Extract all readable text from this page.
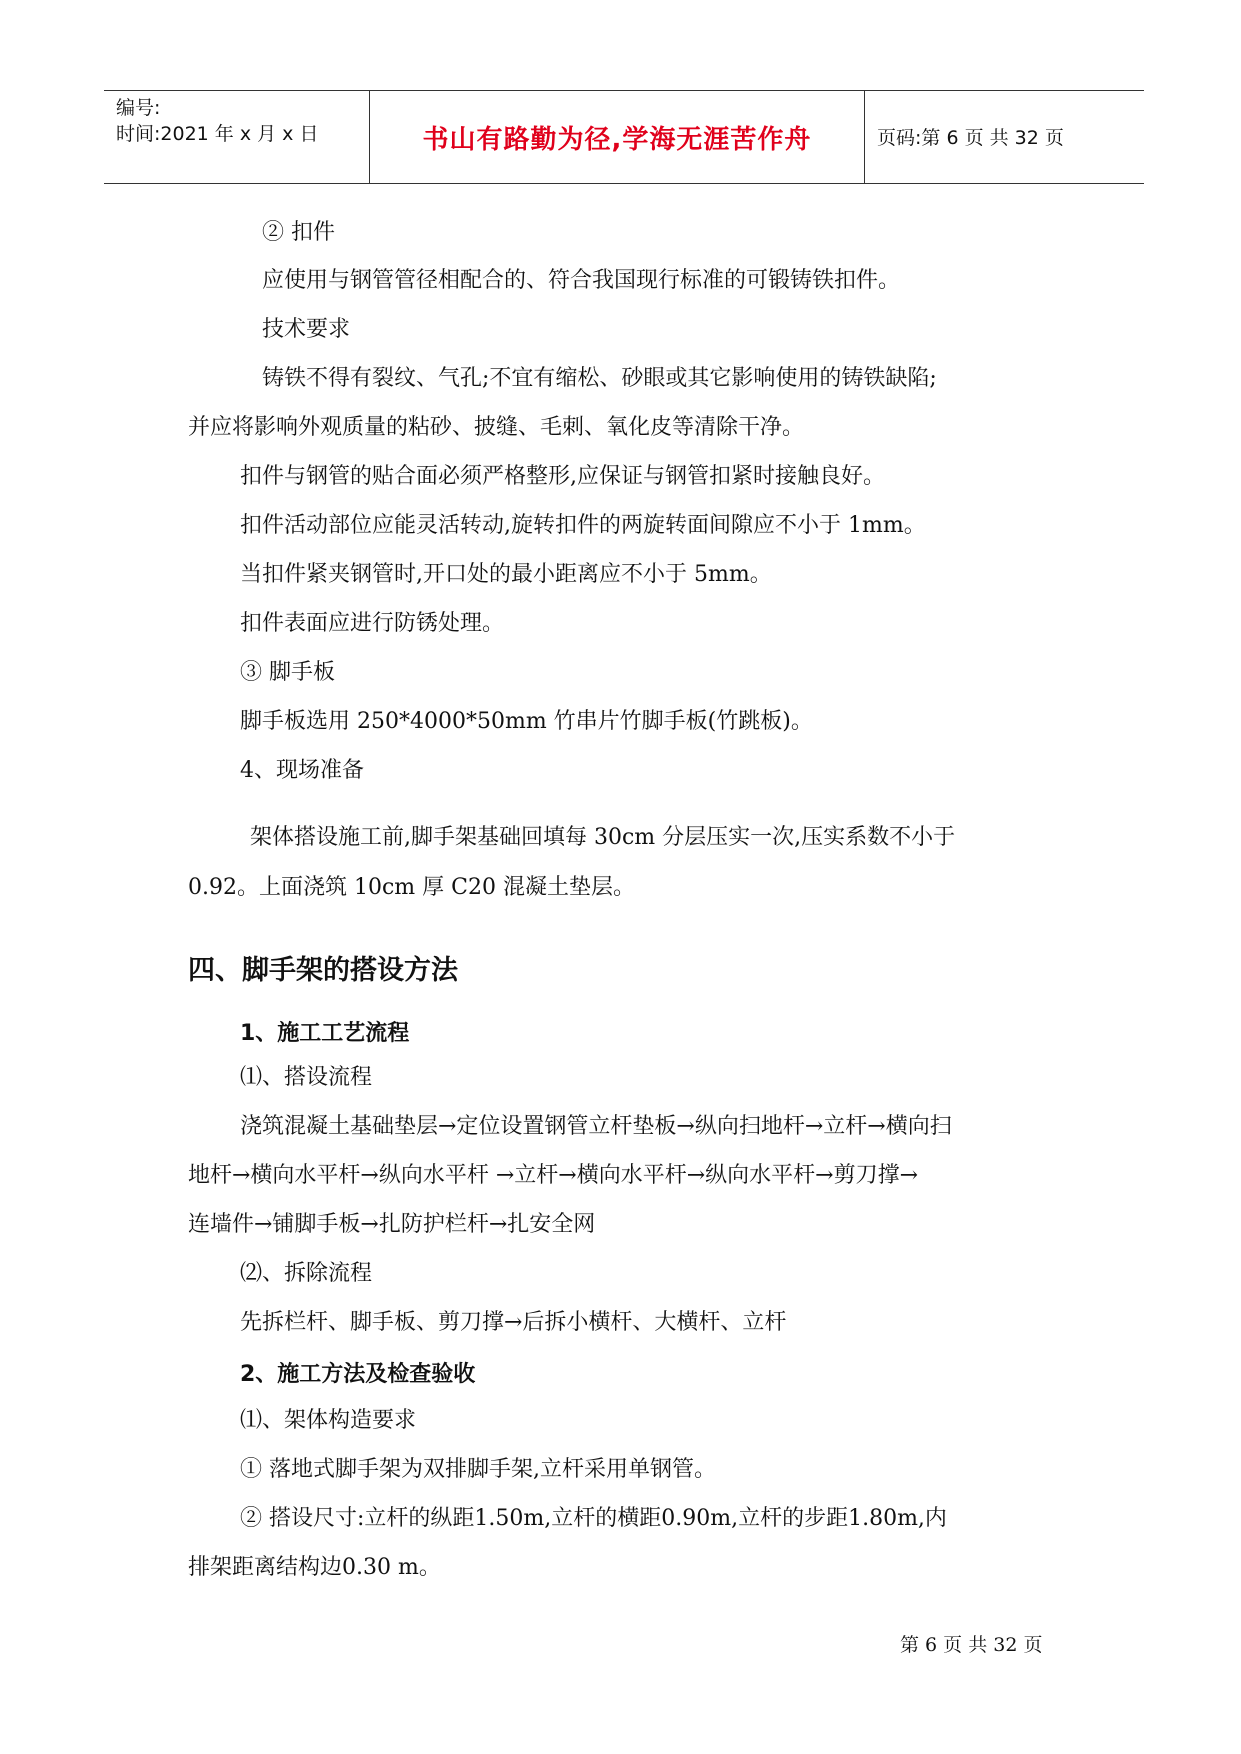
编号:
时间:2021 年 x 月 x 日	书山有路勤为径,学海无涯苦作舟	页码:第 6 页 共 32 页
② 扣件
应使用与钢管管径相配合的、符合我国现行标准的可锻铸铁扣件。
技术要求
铸铁不得有裂纹、气孔;不宜有缩松、砂眼或其它影响使用的铸铁缺陷;
并应将影响外观质量的粘砂、披缝、毛刺、氧化皮等清除干净。
扣件与钢管的贴合面必须严格整形,应保证与钢管扣紧时接触良好。
扣件活动部位应能灵活转动,旋转扣件的两旋转面间隙应不小于 1mm。
当扣件紧夹钢管时,开口处的最小距离应不小于 5mm。
扣件表面应进行防锈处理。
③ 脚手板
脚手板选用 250*4000*50mm 竹串片竹脚手板(竹跳板)。
4、现场准备
架体搭设施工前,脚手架基础回填每 30cm 分层压实一次,压实系数不小于
0.92。上面浇筑 10cm 厚 C20 混凝土垫层。
四、脚手架的搭设方法
1、施工工艺流程
⑴、搭设流程
浇筑混凝土基础垫层→定位设置钢管立杆垫板→纵向扫地杆→立杆→横向扫
地杆→横向水平杆→纵向水平杆 →立杆→横向水平杆→纵向水平杆→剪刀撑→
连墙件→铺脚手板→扎防护栏杆→扎安全网
⑵、拆除流程
先拆栏杆、脚手板、剪刀撑→后拆小横杆、大横杆、立杆
2、施工方法及检查验收
⑴、架体构造要求
① 落地式脚手架为双排脚手架,立杆采用单钢管。
② 搭设尺寸:立杆的纵距1.50m,立杆的横距0.90m,立杆的步距1.80m,内
排架距离结构边0.30 m。
第 6 页 共 32 页
